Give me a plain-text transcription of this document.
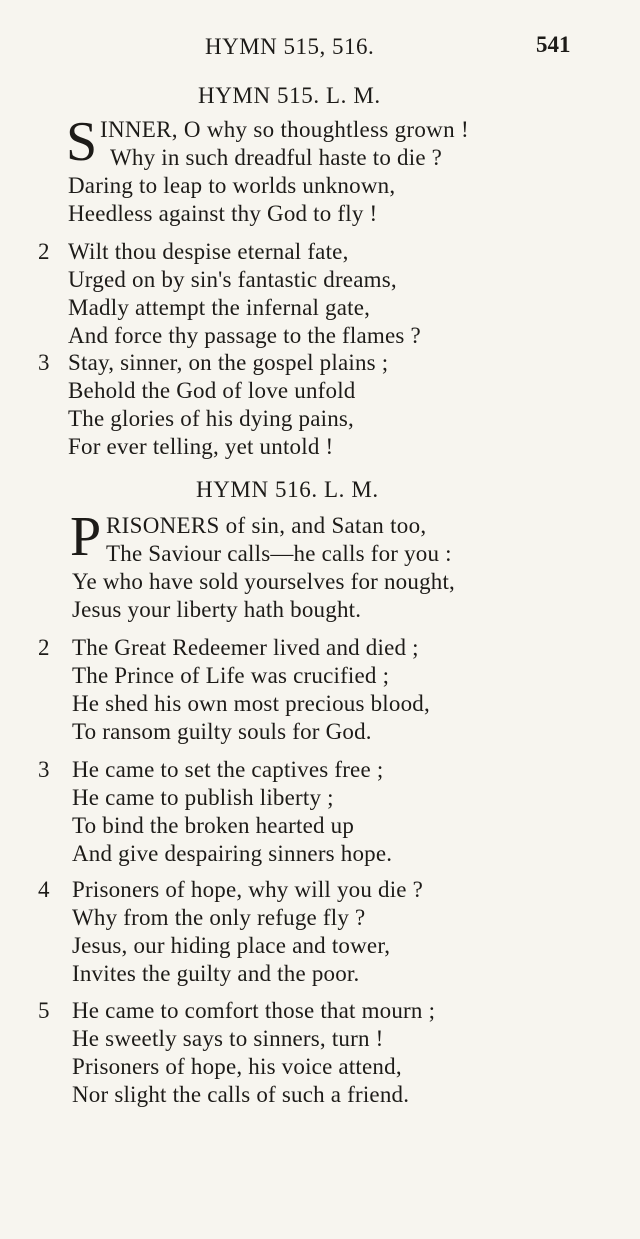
HYMN 515, 516.	541
HYMN 515. L. M.
S INNER, O why so thoughtless grown !
Why in such dreadful haste to die ?
Daring to leap to worlds unknown,
Heedless against thy God to fly !
2 Wilt thou despise eternal fate,
Urged on by sin's fantastic dreams,
Madly attempt the infernal gate,
And force thy passage to the flames ?
3 Stay, sinner, on the gospel plains ;
Behold the God of love unfold
The glories of his dying pains,
For ever telling, yet untold !
HYMN 516. L. M.
P RISONERS of sin, and Satan too,
The Saviour calls—he calls for you :
Ye who have sold yourselves for nought,
Jesus your liberty hath bought.
2 The Great Redeemer lived and died ;
The Prince of Life was crucified ;
He shed his own most precious blood,
To ransom guilty souls for God.
3 He came to set the captives free ;
He came to publish liberty ;
To bind the broken hearted up
And give despairing sinners hope.
4 Prisoners of hope, why will you die ?
Why from the only refuge fly ?
Jesus, our hiding place and tower,
Invites the guilty and the poor.
5 He came to comfort those that mourn ;
He sweetly says to sinners, turn !
Prisoners of hope, his voice attend,
Nor slight the calls of such a friend.
